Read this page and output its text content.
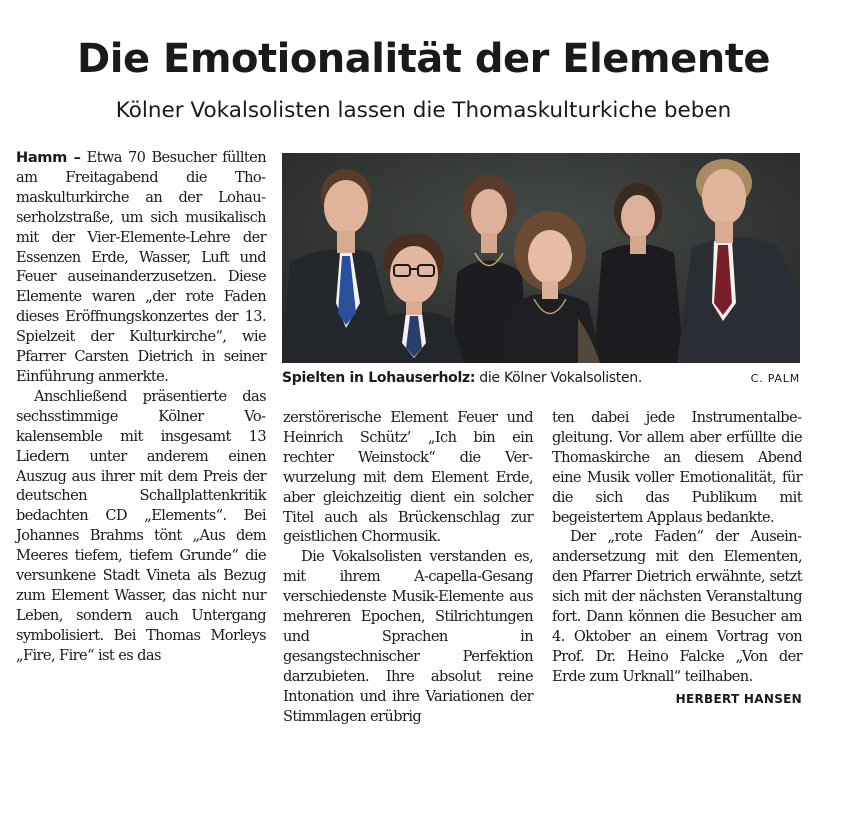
Die Emotionalität der Elemente
Kölner Vokalsolisten lassen die Thomaskulturkiche beben

Hamm – Etwa 70 Besucher füllten am Freitagabend die Thomaskulturkirche an der Lohauserholzstraße, um sich musikalisch mit der Vier-Elemente-Lehre der Essenzen Erde, Wasser, Luft und Feuer auseinanderzusetzen. Diese Elemente waren „der rote Faden dieses Eröffnungskonzertes der 13. Spielzeit der Kulturkirche“, wie Pfarrer Carsten Dietrich in seiner Einführung anmerkte.

Anschließend präsentierte das sechsstimmige Kölner Vokalensemble mit insgesamt 13 Liedern unter anderem einen Auszug aus ihrer mit dem Preis der deutschen Schallplattenkritik bedachten CD „Elements“. Bei Johannes Brahms tönt „Aus dem Meeres tiefem, tiefem Grunde“ die versunkene Stadt Vineta als Bezug zum Element Wasser, das nicht nur Leben, sondern auch Untergang symbolisiert. Bei Thomas Morleys „Fire, Fire“ ist es das

Spielten in Lohauserholz: die Kölner Vokalsolisten.	C. PALM

zerstörerische Element Feuer und Heinrich Schütz’ „Ich bin ein rechter Weinstock“ die Verwurzelung mit dem Element Erde, aber gleichzeitig dient ein solcher Titel auch als Brückenschlag zur geistlichen Chormusik.

Die Vokalsolisten verstanden es, mit ihrem A-capella-Gesang verschiedenste Musik-Elemente aus mehreren Epochen, Stilrichtungen und Sprachen in gesangstechnischer Perfektion darzubieten. Ihre absolut reine Intonation und ihre Variationen der Stimmlagen erübrig

ten dabei jede Instrumentalbegleitung. Vor allem aber erfüllte die Thomaskirche an diesem Abend eine Musik voller Emotionalität, für die sich das Publikum mit begeistertem Applaus bedankte.

Der „rote Faden“ der Auseinandersetzung mit den Elementen, den Pfarrer Dietrich erwähnte, setzt sich mit der nächsten Veranstaltung fort. Dann können die Besucher am 4. Oktober an einem Vortrag von Prof. Dr. Heino Falcke „Von der Erde zum Urknall“ teilhaben.
HERBERT HANSEN
